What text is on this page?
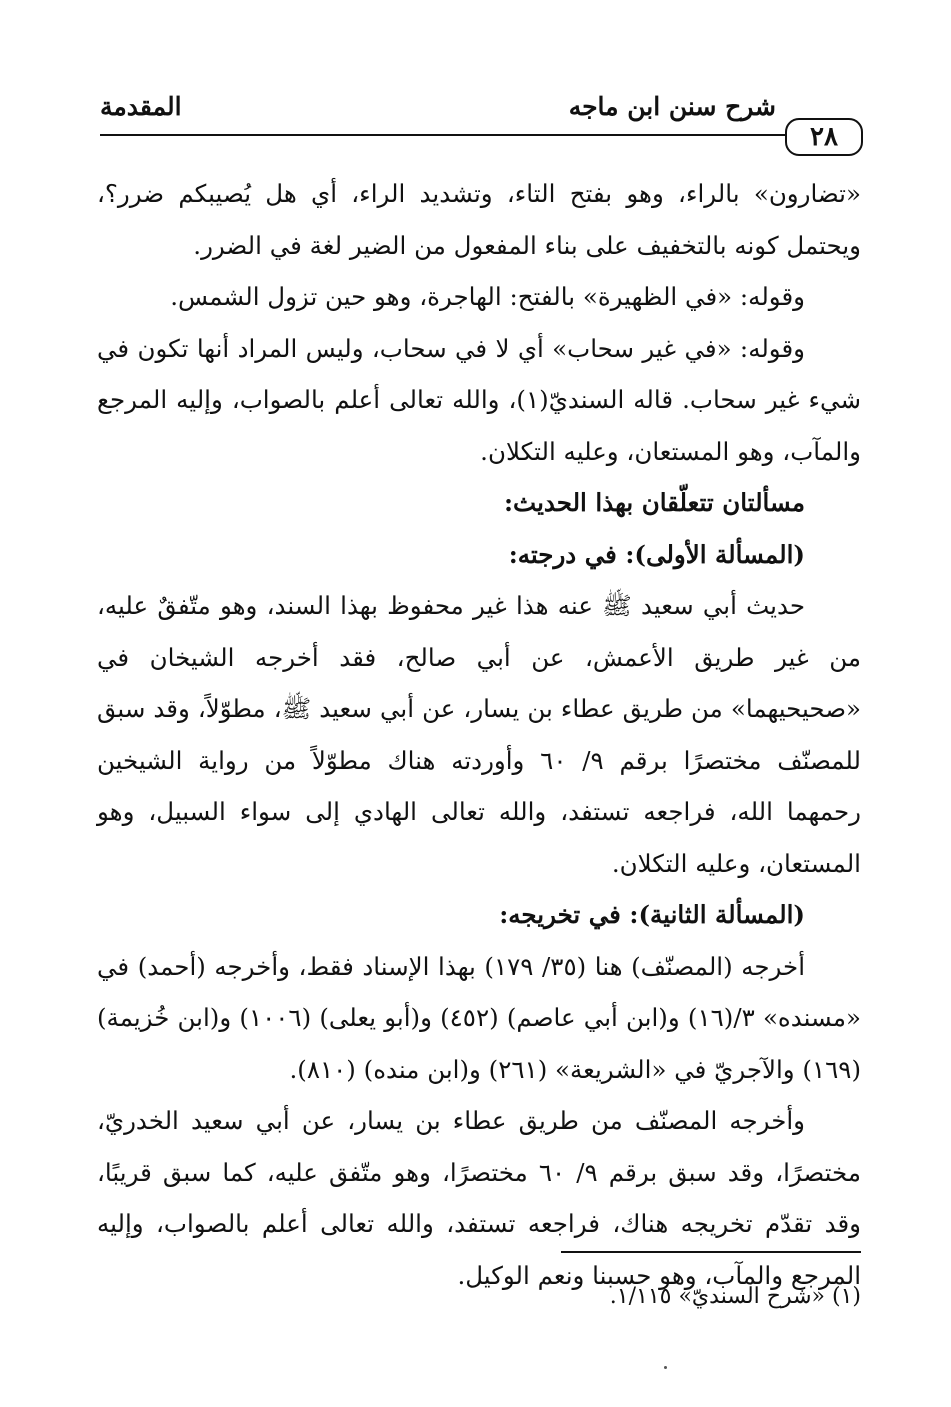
شرح سنن ابن ماجه
المقدمة
٢٨

«تضارون» بالراء، وهو بفتح التاء، وتشديد الراء، أي هل يُصيبكم ضرر؟، ويحتمل كونه بالتخفيف على بناء المفعول من الضير لغة في الضرر.

وقوله: «في الظهيرة» بالفتح: الهاجرة، وهو حين تزول الشمس.

وقوله: «في غير سحاب» أي لا في سحاب، وليس المراد أنها تكون في شيء غير سحاب. قاله السنديّ(١)، والله تعالى أعلم بالصواب، وإليه المرجع والمآب، وهو المستعان، وعليه التكلان.

مسألتان تتعلّقان بهذا الحديث:

(المسألة الأولى): في درجته:

حديث أبي سعيد ﷺ عنه هذا غير محفوظ بهذا السند، وهو متّفقٌ عليه، من غير طريق الأعمش، عن أبي صالح، فقد أخرجه الشيخان في «صحيحيهما» من طريق عطاء بن يسار، عن أبي سعيد ﷺ، مطوّلاً، وقد سبق للمصنّف مختصرًا برقم ٩/ ٦٠ وأوردته هناك مطوّلاً من رواية الشيخين رحمهما الله، فراجعه تستفد، والله تعالى الهادي إلى سواء السبيل، وهو المستعان، وعليه التكلان.

(المسألة الثانية): في تخريجه:

أخرجه (المصنّف) هنا (٣٥/ ١٧٩) بهذا الإسناد فقط، وأخرجه (أحمد) في «مسنده» ٣/(١٦) و(ابن أبي عاصم) (٤٥٢) و(أبو يعلى) (١٠٠٦) و(ابن خُزيمة) (١٦٩) والآجريّ في «الشريعة» (٢٦١) و(ابن منده) (٨١٠).

وأخرجه المصنّف من طريق عطاء بن يسار، عن أبي سعيد الخدريّ، مختصرًا، وقد سبق برقم ٩/ ٦٠ مختصرًا، وهو متّفق عليه، كما سبق قريبًا، وقد تقدّم تخريجه هناك، فراجعه تستفد، والله تعالى أعلم بالصواب، وإليه المرجع والمآب، وهو حسبنا ونعم الوكيل.

(١) «شرح السنديّ» ١/١١٥.
